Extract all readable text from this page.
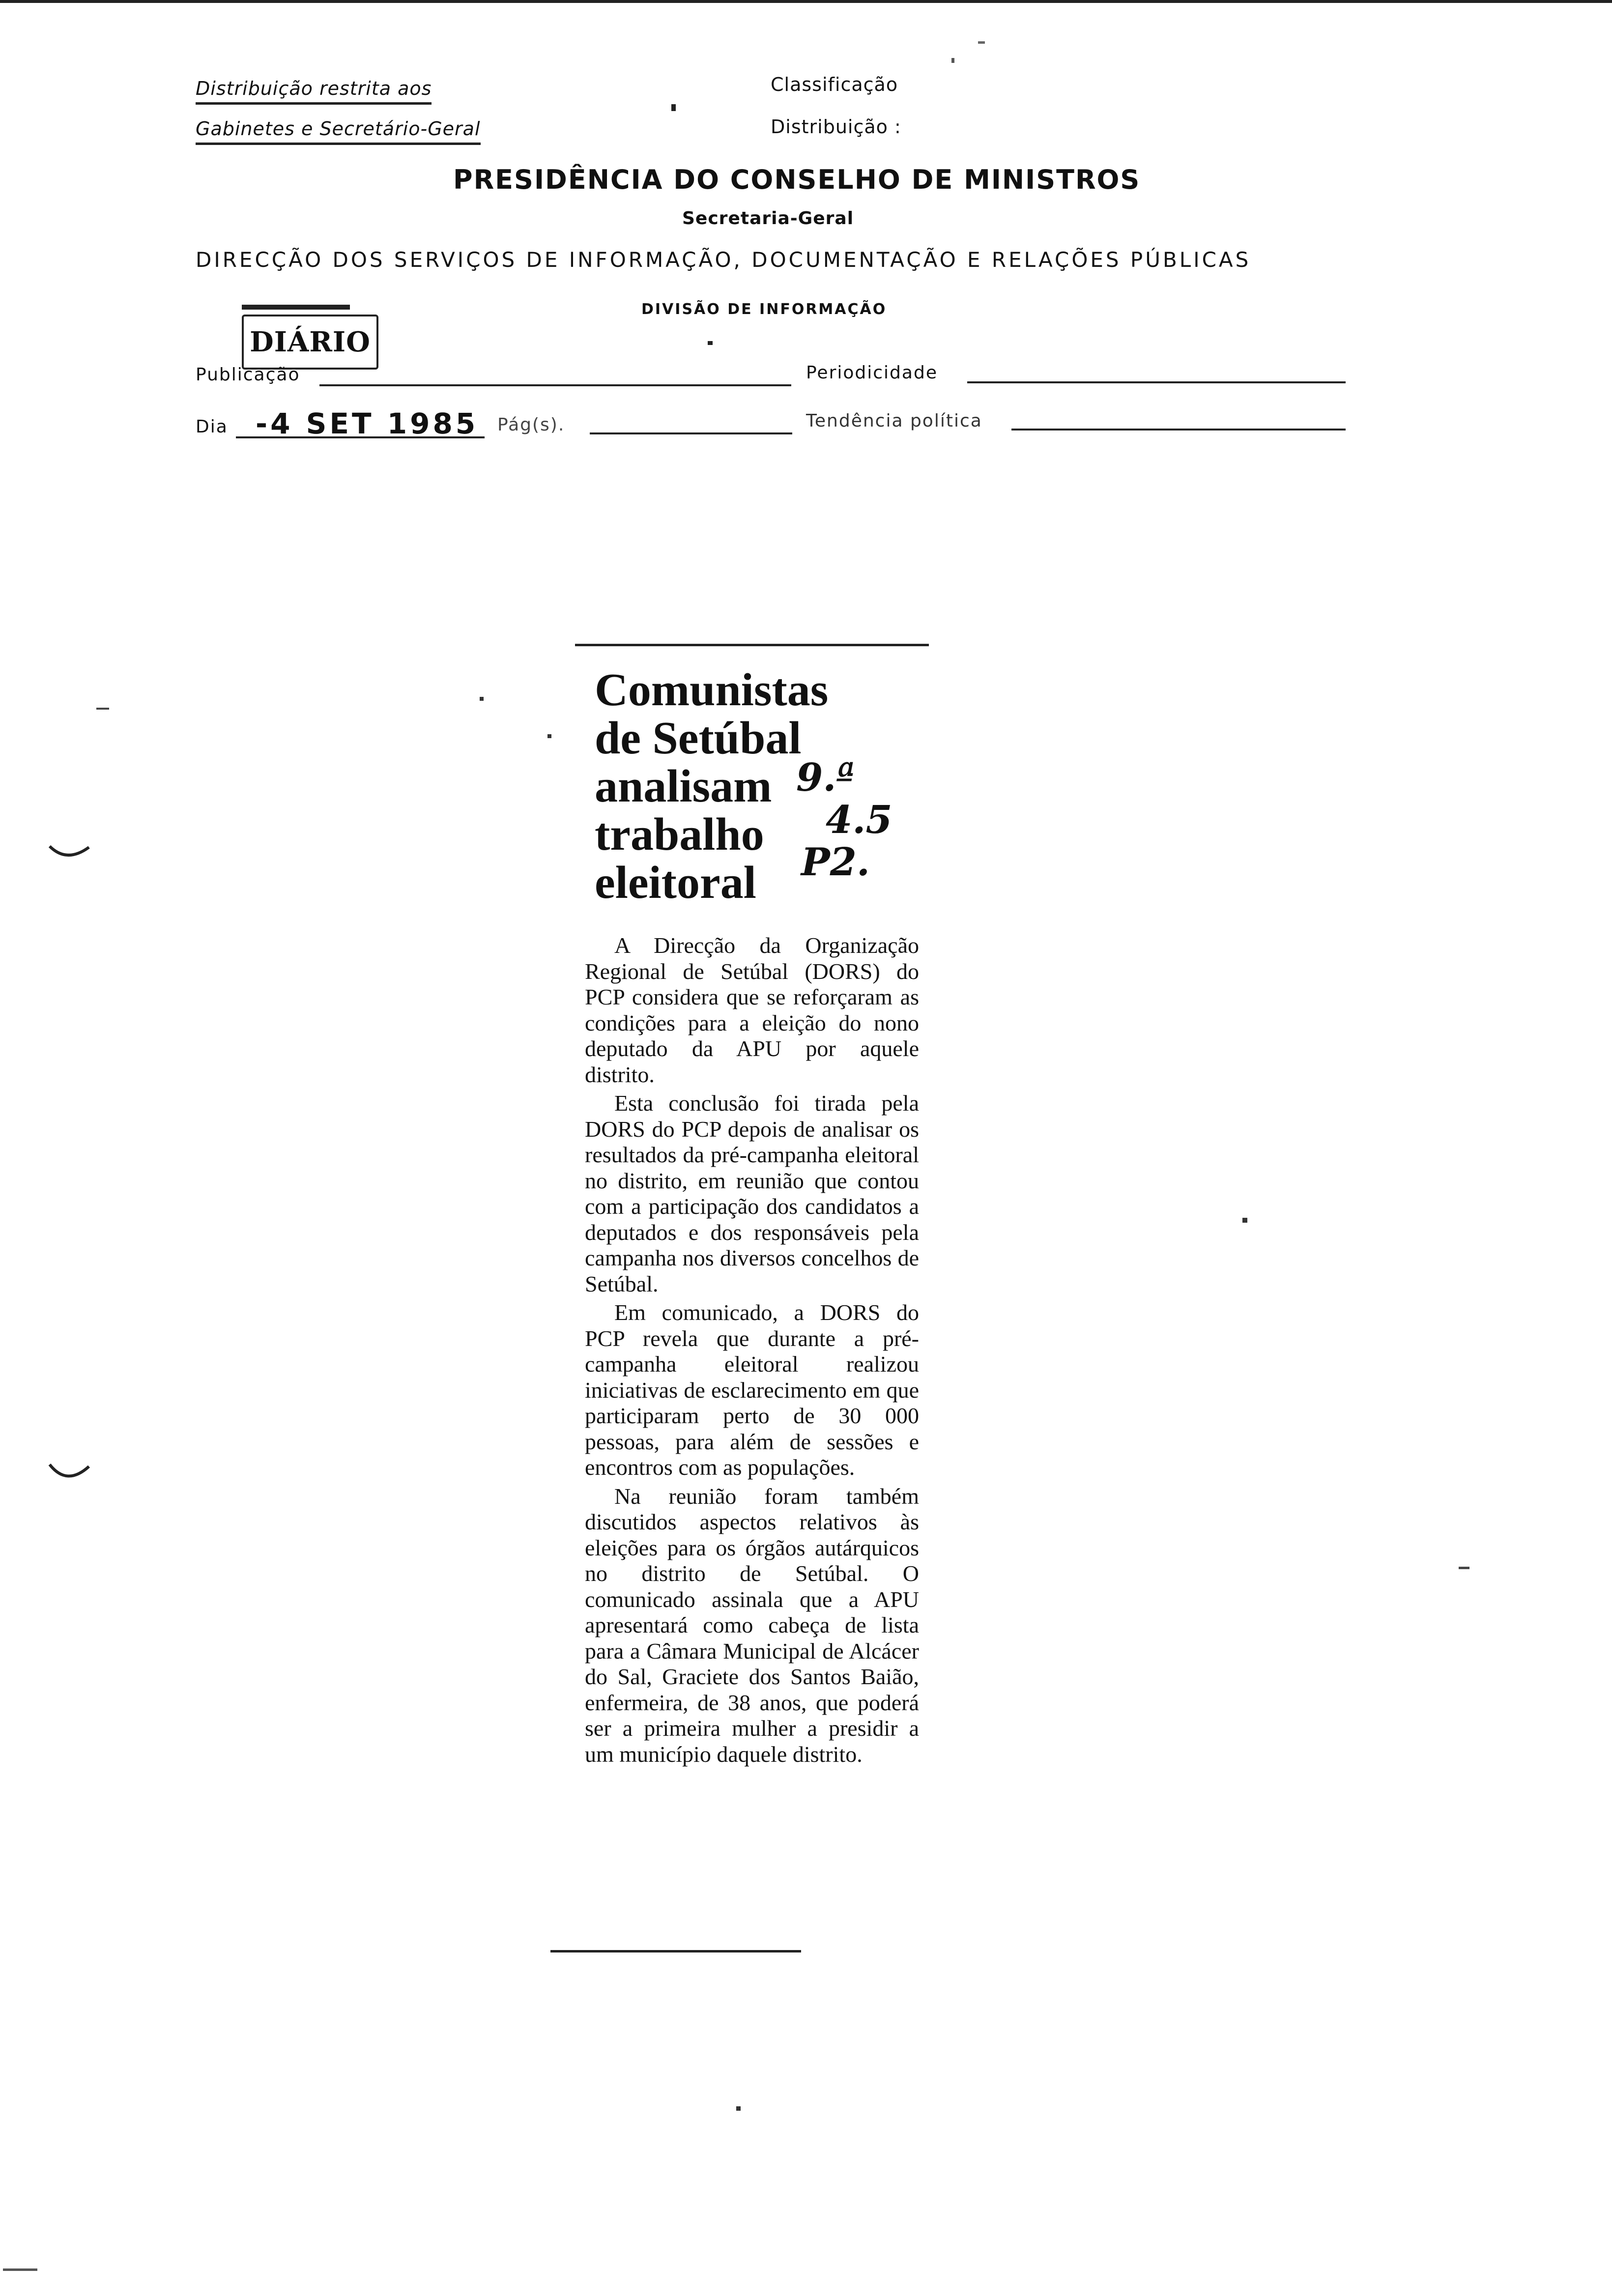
Distribuição restrita aos
Gabinetes e Secretário-Geral
Classificação
Distribuição :
PRESIDÊNCIA DO CONSELHO DE MINISTROS
Secretaria-Geral
DIRECÇÃO DOS SERVIÇOS DE INFORMAÇÃO, DOCUMENTAÇÃO E RELAÇÕES PÚBLICAS
DIVISÃO DE INFORMAÇÃO
DIÁRIO
Publicação	Periodicidade
Dia -4 SET 1985 Pág(s).	Tendência política
Comunistas
de Setúbal
analisam
trabalho
eleitoral
9.ª
4.5
P2.

A Direcção da Organização Regional de Setúbal (DORS) do PCP considera que se reforçaram as condições para a eleição do nono deputado da APU por aquele distrito.

Esta conclusão foi tirada pela DORS do PCP depois de analisar os resultados da pré-campanha eleitoral no distrito, em reunião que contou com a participação dos candidatos a deputados e dos responsáveis pela campanha nos diversos concelhos de Setúbal.

Em comunicado, a DORS do PCP revela que durante a pré-campanha eleitoral realizou iniciativas de esclarecimento em que participaram perto de 30 000 pessoas, para além de sessões e encontros com as populações.

Na reunião foram também discutidos aspectos relativos às eleições para os órgãos autárquicos no distrito de Setúbal. O comunicado assinala que a APU apresentará como cabeça de lista para a Câmara Municipal de Alcácer do Sal, Graciete dos Santos Baião, enfermeira, de 38 anos, que poderá ser a primeira mulher a presidir a um município daquele distrito.
